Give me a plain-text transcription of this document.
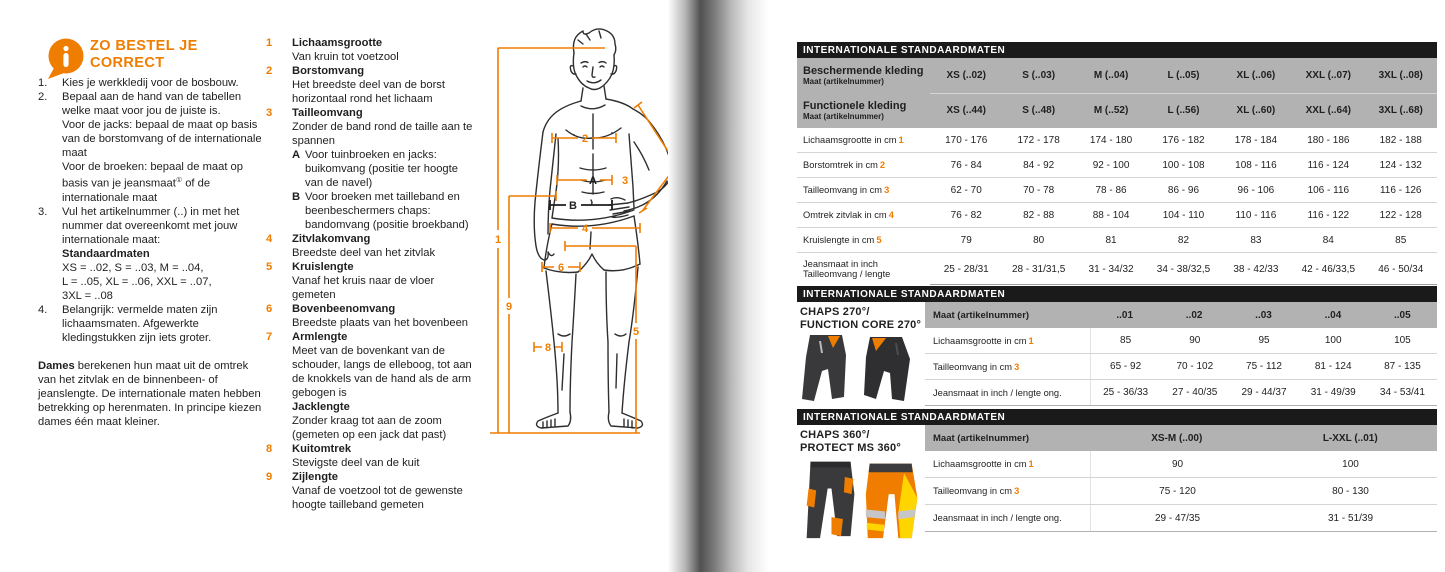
ZO BESTEL JE
CORRECT
1.	Kies je werkkledij voor de bosbouw.
2.	Bepaal aan de hand van de tabellen welke maat voor jou de juiste is.
Voor de jacks: bepaal de maat op basis van de borstomvang of de internationale maat
Voor de broeken: bepaal de maat op basis van je jeansmaat① of de internationale maat
3.	Vul het artikelnummer (..) in met het nummer dat overeenkomt met jouw internationale maat:
Standaardmaten
XS = ..02, S = ..03, M = ..04,
L = ..05, XL = ..06, XXL = ..07,
3XL = ..08
4.	Belangrijk: vermelde maten zijn lichaamsmaten. Afgewerkte kledingstukken zijn iets groter.
Dames berekenen hun maat uit de omtrek van het zitvlak en de binnenbeen- of jeanslengte. De internationale maten hebben betrekking op herenmaten. In principe kiezen dames één maat kleiner.
1	Lichaamsgrootte
Van kruin tot voetzool
2	Borstomvang
Het breedste deel van de borst horizontaal rond het lichaam
3	Tailleomvang
Zonder de band rond de taille aan te spannen
A Voor tuinbroeken en jacks: buikomvang (positie ter hoogte van de navel)
B Voor broeken met tailleband en beenbeschermers chaps: bandomvang (positie broekband)
4	Zitvlakomvang
Breedste deel van het zitvlak
5	Kruislengte
Vanaf het kruis naar de vloer gemeten
6	Bovenbeenomvang
Breedste plaats van het bovenbeen
7	Armlengte
Meet van de bovenkant van de schouder, langs de elleboog, tot aan de knokkels van de hand als de arm gebogen is
Jacklengte
Zonder kraag tot aan de zoom (gemeten op een jack dat past)
8	Kuitomtrek
Stevigste deel van de kuit
9	Zijlengte
Vanaf de voetzool tot de gewenste hoogte tailleband gemeten
1
2
A 3
B
4
5
6
8
9
INTERNATIONALE STANDAARDMATEN
Beschermende kleding
Maat (artikelnummer)
XS (..02)	S (..03)	M (..04)	L (..05)	XL (..06)	XXL (..07)	3XL (..08)
Functionele kleding
Maat (artikelnummer)
XS (..44)	S (..48)	M (..52)	L (..56)	XL (..60)	XXL (..64)	3XL (..68)
Lichaamsgrootte in cm 1	170 - 176	172 - 178	174 - 180	176 - 182	178 - 184	180 - 186	182 - 188
Borstomtrek in cm 2	76 - 84	84 - 92	92 - 100	100 - 108	108 - 116	116 - 124	124 - 132
Tailleomvang in cm 3	62 - 70	70 - 78	78 - 86	86 - 96	96 - 106	106 - 116	116 - 126
Omtrek zitvlak in cm 4	76 - 82	82 - 88	88 - 104	104 - 110	110 - 116	116 - 122	122 - 128
Kruislengte in cm 5	79	80	81	82	83	84	85
Jeansmaat in inch
Tailleomvang / lengte	25 - 28/31	28 - 31/31,5	31 - 34/32	34 - 38/32,5	38 - 42/33	42 - 46/33,5	46 - 50/34
INTERNATIONALE STANDAARDMATEN
CHAPS 270°/
FUNCTION CORE 270°
Maat (artikelnummer)	..01	..02	..03	..04	..05
Lichaamsgrootte in cm 1	85	90	95	100	105
Tailleomvang in cm 3	65 - 92	70 - 102	75 - 112	81 - 124	87 - 135
Jeansmaat in inch / lengte ong.	25 - 36/33	27 - 40/35	29 - 44/37	31 - 49/39	34 - 53/41
INTERNATIONALE STANDAARDMATEN
CHAPS 360°/
PROTECT MS 360°
Maat (artikelnummer)	XS-M (..00)	L-XXL (..01)
Lichaamsgrootte in cm 1	90	100
Tailleomvang in cm 3	75 - 120	80 - 130
Jeansmaat in inch / lengte ong.	29 - 47/35	31 - 51/39
